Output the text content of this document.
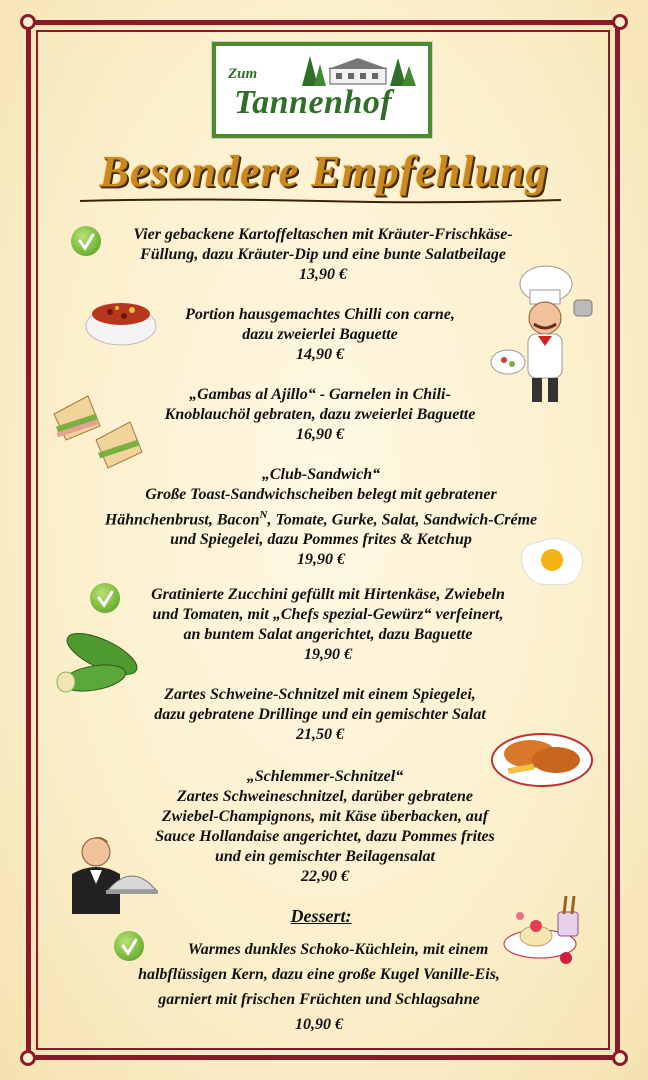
Zum
Tannenhof
Besondere Empfehlung
Vier gebackene Kartoffeltaschen mit Kräuter-Frischkäse-
Füllung, dazu Kräuter-Dip und eine bunte Salatbeilage
13,90 €
Portion hausgemachtes Chilli con carne,
dazu zweierlei Baguette
14,90 €
„Gambas al Ajillo“ - Garnelen in Chili-
Knoblauchöl gebraten, dazu zweierlei Baguette
16,90 €
„Club-Sandwich“
Große Toast-Sandwichscheiben belegt mit gebratener
Hähnchenbrust, Bacon$^N$, Tomate, Gurke, Salat, Sandwich-Créme
und Spiegelei, dazu Pommes frites & Ketchup
19,90 €
Gratinierte Zucchini gefüllt mit Hirtenkäse, Zwiebeln
und Tomaten, mit „Chefs spezial-Gewürz“ verfeinert,
an buntem Salat angerichtet, dazu Baguette
19,90 €
Zartes Schweine-Schnitzel mit einem Spiegelei,
dazu gebratene Drillinge und ein gemischter Salat
21,50 €
„Schlemmer-Schnitzel“
Zartes Schweineschnitzel, darüber gebratene
Zwiebel-Champignons, mit Käse überbacken, auf
Sauce Hollandaise angerichtet, dazu Pommes frites
und ein gemischter Beilagensalat
22,90 €
Dessert:
Warmes dunkles Schoko-Küchlein, mit einem
halbflüssigen Kern, dazu eine große Kugel Vanille-Eis,
garniert mit frischen Früchten und Schlagsahne
10,90 €
